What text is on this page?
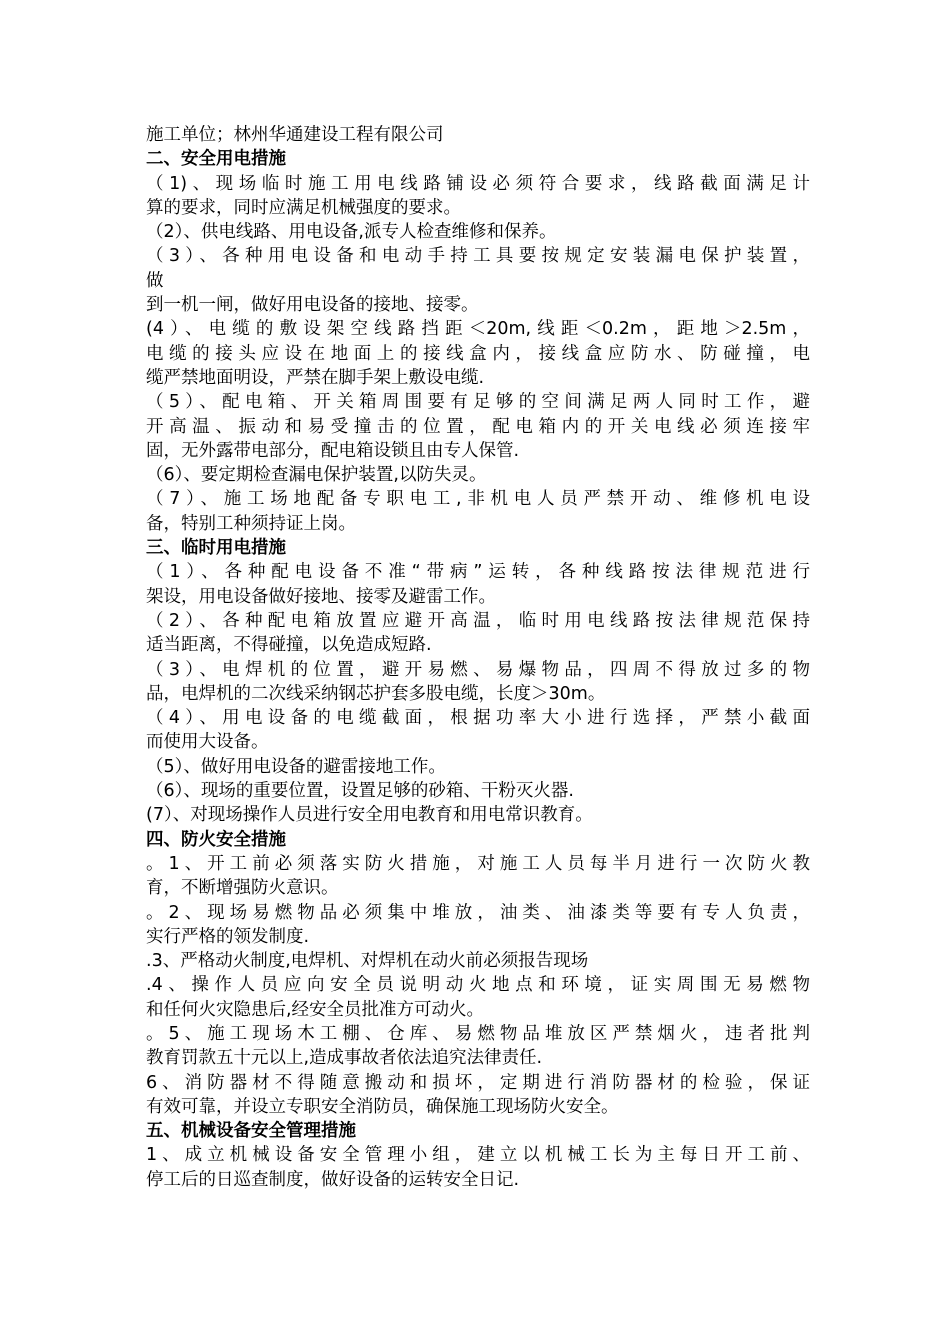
施工单位；林州华通建设工程有限公司
二、安全用电措施
（1)、现场临时施工用电线路铺设必须符合要求，线路截面满足计
算的要求，同时应满足机械强度的要求。
（2）、供电线路、用电设备,派专人检查维修和保养。
（3）、各种用电设备和电动手持工具要按规定安装漏电保护装置，
做
到一机一闸，做好用电设备的接地、接零。
(4）、电缆的敷设架空线路挡距＜20m,线距＜0.2m，距地＞2.5m，
电缆的接头应设在地面上的接线盒内，接线盒应防水、防碰撞，电
缆严禁地面明设，严禁在脚手架上敷设电缆.
（5）、配电箱、开关箱周围要有足够的空间满足两人同时工作，避
开高温、振动和易受撞击的位置，配电箱内的开关电线必须连接牢
固，无外露带电部分，配电箱设锁且由专人保管.
（6）、要定期检查漏电保护装置,以防失灵。
（7）、施工场地配备专职电工,非机电人员严禁开动、维修机电设
备，特别工种须持证上岗。
三、临时用电措施
（1）、各种配电设备不准“带病”运转，各种线路按法律规范进行
架设，用电设备做好接地、接零及避雷工作。
（2）、各种配电箱放置应避开高温，临时用电线路按法律规范保持
适当距离，不得碰撞，以免造成短路.
（3）、电焊机的位置，避开易燃、易爆物品，四周不得放过多的物
品，电焊机的二次线采纳钢芯护套多股电缆，长度＞30m。
（4）、用电设备的电缆截面，根据功率大小进行选择，严禁小截面
而使用大设备。
（5）、做好用电设备的避雷接地工作。
（6）、现场的重要位置，设置足够的砂箱、干粉灭火器.
(7）、对现场操作人员进行安全用电教育和用电常识教育。
四、防火安全措施
。1、开工前必须落实防火措施，对施工人员每半月进行一次防火教
育，不断增强防火意识。
。2、现场易燃物品必须集中堆放，油类、油漆类等要有专人负责，
实行严格的领发制度.
.3、严格动火制度,电焊机、对焊机在动火前必须报告现场
.4、操作人员应向安全员说明动火地点和环境，证实周围无易燃物
和任何火灾隐患后,经安全员批准方可动火。
。5、施工现场木工棚、仓库、易燃物品堆放区严禁烟火，违者批判
教育罚款五十元以上,造成事故者依法追究法律责任.
6、消防器材不得随意搬动和损坏，定期进行消防器材的检验，保证
有效可靠，并设立专职安全消防员，确保施工现场防火安全。
五、机械设备安全管理措施
1、成立机械设备安全管理小组，建立以机械工长为主每日开工前、
停工后的日巡查制度，做好设备的运转安全日记.
